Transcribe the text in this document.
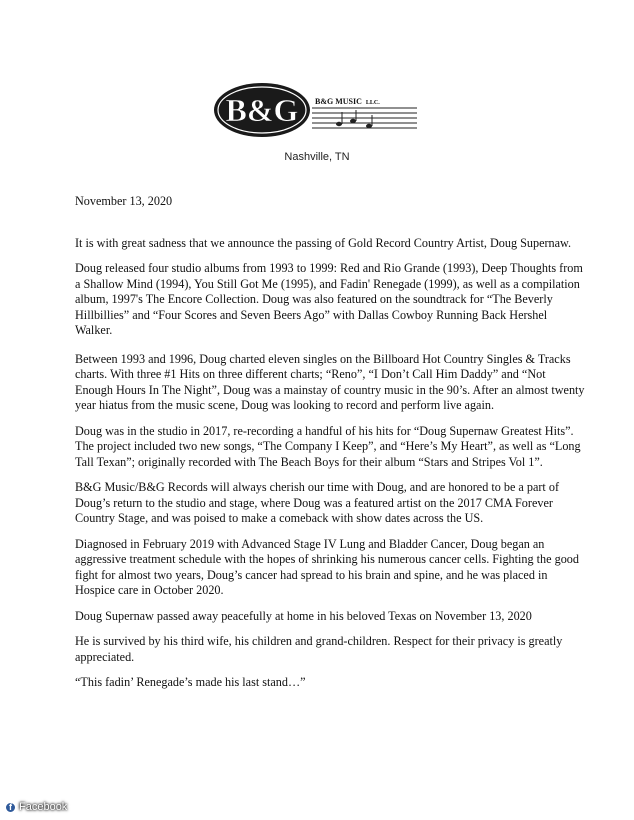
B&G B&G MUSIC LLC.
Nashville, TN

November 13, 2020

It is with great sadness that we announce the passing of Gold Record Country Artist, Doug Supernaw.

Doug released four studio albums from 1993 to 1999: Red and Rio Grande (1993), Deep Thoughts from a Shallow Mind (1994), You Still Got Me (1995), and Fadin' Renegade (1999), as well as a compilation album, 1997's The Encore Collection. Doug was also featured on the soundtrack for “The Beverly Hillbillies” and “Four Scores and Seven Beers Ago” with Dallas Cowboy Running Back Hershel Walker.

Between 1993 and 1996, Doug charted eleven singles on the Billboard Hot Country Singles & Tracks charts. With three #1 Hits on three different charts; “Reno”, “I Don’t Call Him Daddy” and “Not Enough Hours In The Night”, Doug was a mainstay of country music in the 90’s. After an almost twenty year hiatus from the music scene, Doug was looking to record and perform live again.

Doug was in the studio in 2017, re-recording a handful of his hits for “Doug Supernaw Greatest Hits”. The project included two new songs, “The Company I Keep”, and “Here’s My Heart”, as well as “Long Tall Texan”; originally recorded with The Beach Boys for their album “Stars and Stripes Vol 1”.

B&G Music/B&G Records will always cherish our time with Doug, and are honored to be a part of Doug’s return to the studio and stage, where Doug was a featured artist on the 2017 CMA Forever Country Stage, and was poised to make a comeback with show dates across the US.

Diagnosed in February 2019 with Advanced Stage IV Lung and Bladder Cancer, Doug began an aggressive treatment schedule with the hopes of shrinking his numerous cancer cells. Fighting the good fight for almost two years, Doug’s cancer had spread to his brain and spine, and he was placed in Hospice care in October 2020.

Doug Supernaw passed away peacefully at home in his beloved Texas on November 13, 2020

He is survived by his third wife, his children and grand-children. Respect for their privacy is greatly appreciated.

“This fadin’ Renegade’s made his last stand…”

f Facebook
